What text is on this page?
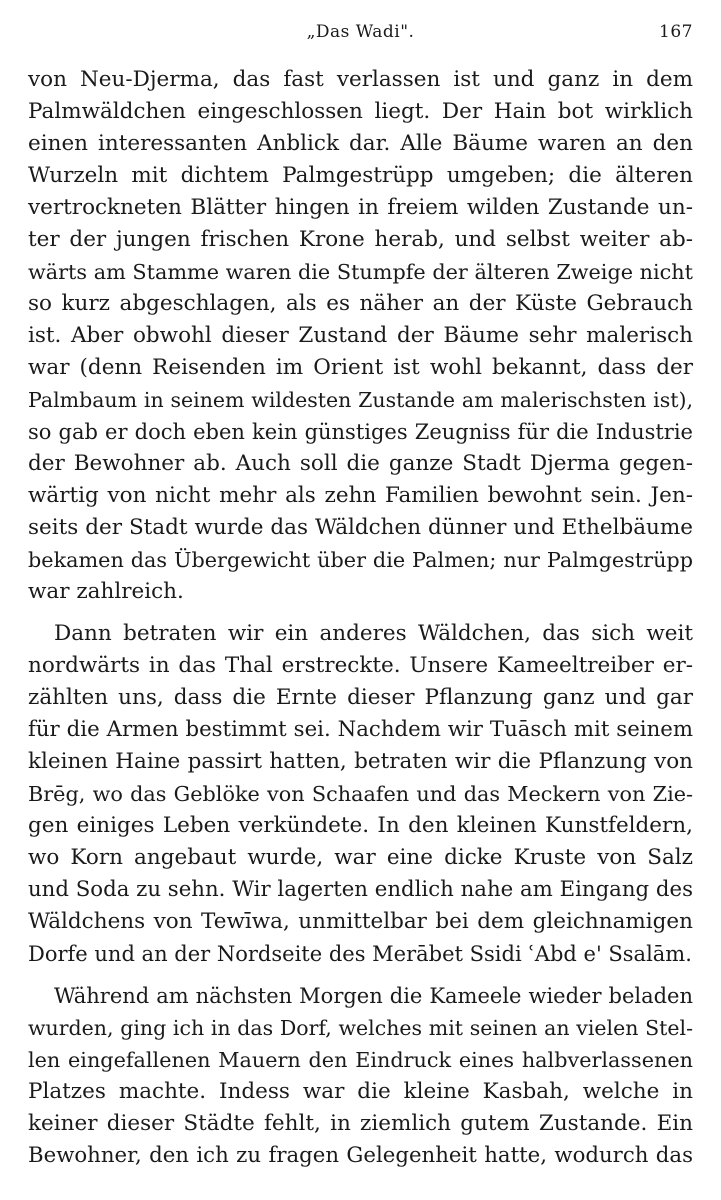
„Das Wadi".	167
von Neu-Djerma, das fast verlassen ist und ganz in dem
Palmwäldchen eingeschlossen liegt. Der Hain bot wirklich
einen interessanten Anblick dar. Alle Bäume waren an den
Wurzeln mit dichtem Palmgestrüpp umgeben; die älteren
vertrockneten Blätter hingen in freiem wilden Zustande un-
ter der jungen frischen Krone herab, und selbst weiter ab-
wärts am Stamme waren die Stumpfe der älteren Zweige nicht
so kurz abgeschlagen, als es näher an der Küste Gebrauch
ist. Aber obwohl dieser Zustand der Bäume sehr malerisch
war (denn Reisenden im Orient ist wohl bekannt, dass der
Palmbaum in seinem wildesten Zustande am malerischsten ist),
so gab er doch eben kein günstiges Zeugniss für die Industrie
der Bewohner ab. Auch soll die ganze Stadt Djerma gegen-
wärtig von nicht mehr als zehn Familien bewohnt sein. Jen-
seits der Stadt wurde das Wäldchen dünner und Ethelbäume
bekamen das Übergewicht über die Palmen; nur Palmgestrüpp
war zahlreich.
Dann betraten wir ein anderes Wäldchen, das sich weit
nordwärts in das Thal erstreckte. Unsere Kameeltreiber er-
zählten uns, dass die Ernte dieser Pflanzung ganz und gar
für die Armen bestimmt sei. Nachdem wir Tuāsch mit seinem
kleinen Haine passirt hatten, betraten wir die Pflanzung von
Brēg, wo das Geblöke von Schaafen und das Meckern von Zie-
gen einiges Leben verkündete. In den kleinen Kunstfeldern,
wo Korn angebaut wurde, war eine dicke Kruste von Salz
und Soda zu sehn. Wir lagerten endlich nahe am Eingang des
Wäldchens von Tewīwa, unmittelbar bei dem gleichnamigen
Dorfe und an der Nordseite des Merābet Ssidi ʿAbd e' Ssalām.
Während am nächsten Morgen die Kameele wieder beladen
wurden, ging ich in das Dorf, welches mit seinen an vielen Stel-
len eingefallenen Mauern den Eindruck eines halbverlassenen
Platzes machte. Indess war die kleine Kasbah, welche in
keiner dieser Städte fehlt, in ziemlich gutem Zustande. Ein
Bewohner, den ich zu fragen Gelegenheit hatte, wodurch das
